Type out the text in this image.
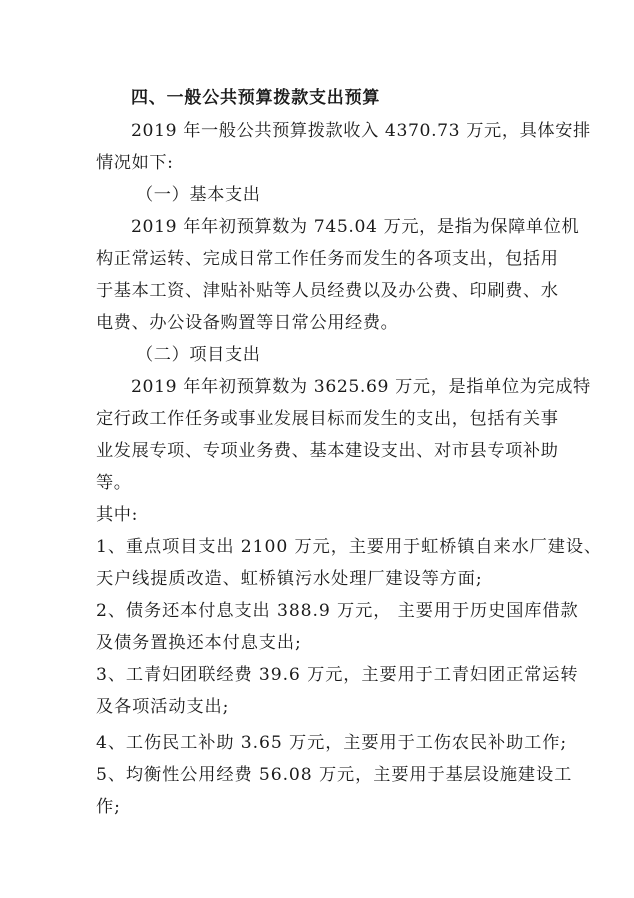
四、一般公共预算拨款支出预算
2019 年一般公共预算拨款收入 4370.73 万元，具体安排
情况如下:
（一）基本支出
2019 年年初预算数为 745.04 万元，是指为保障单位机
构正常运转、完成日常工作任务而发生的各项支出，包括用
于基本工资、津贴补贴等人员经费以及办公费、印刷费、水
电费、办公设备购置等日常公用经费。
（二）项目支出
2019 年年初预算数为 3625.69 万元，是指单位为完成特
定行政工作任务或事业发展目标而发生的支出，包括有关事
业发展专项、专项业务费、基本建设支出、对市县专项补助
等。
其中:
1、重点项目支出 2100 万元，主要用于虹桥镇自来水厂建设、
天户线提质改造、虹桥镇污水处理厂建设等方面;
2、债务还本付息支出 388.9 万元， 主要用于历史国库借款
及债务置换还本付息支出;
3、工青妇团联经费 39.6 万元，主要用于工青妇团正常运转
及各项活动支出;
4、工伤民工补助 3.65 万元，主要用于工伤农民补助工作;
5、均衡性公用经费 56.08 万元，主要用于基层设施建设工
作;
